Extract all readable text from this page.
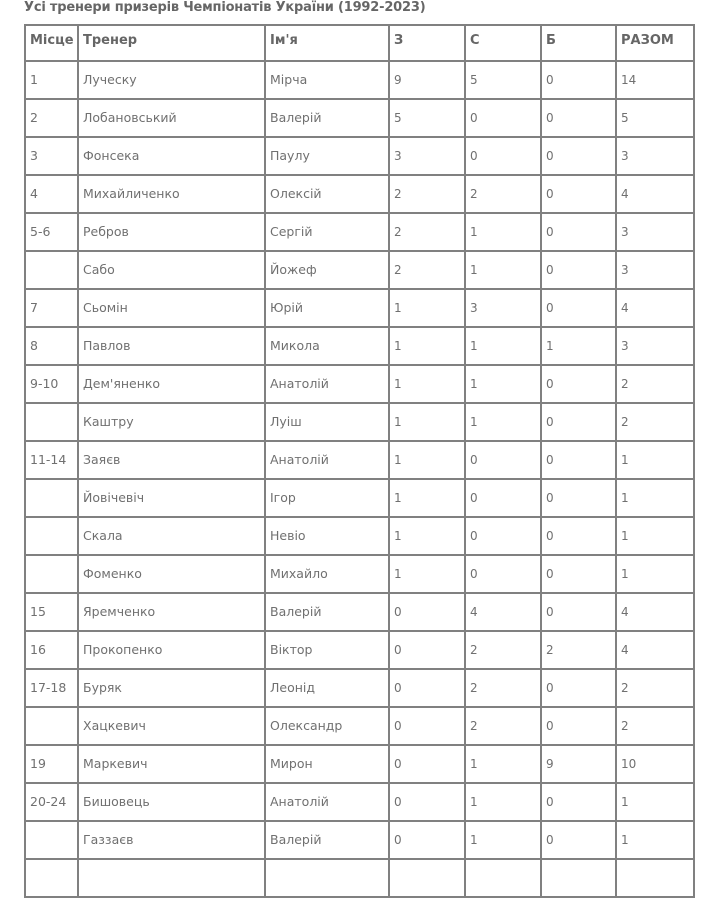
Усі тренери призерів Чемпіонатів України (1992-2023)
Місце	Тренер	Ім'я	З	С	Б	РАЗОМ
1	Луческу	Мірча	9	5	0	14
2	Лобановський	Валерій	5	0	0	5
3	Фонсека	Паулу	3	0	0	3
4	Михайличенко	Олексій	2	2	0	4
5-6	Ребров	Сергій	2	1	0	3
	Сабо	Йожеф	2	1	0	3
7	Сьомін	Юрій	1	3	0	4
8	Павлов	Микола	1	1	1	3
9-10	Дем'яненко	Анатолій	1	1	0	2
	Каштру	Луіш	1	1	0	2
11-14	Заяєв	Анатолій	1	0	0	1
	Йовічевіч	Ігор	1	0	0	1
	Скала	Невіо	1	0	0	1
	Фоменко	Михайло	1	0	0	1
15	Яремченко	Валерій	0	4	0	4
16	Прокопенко	Віктор	0	2	2	4
17-18	Буряк	Леонід	0	2	0	2
	Хацкевич	Олександр	0	2	0	2
19	Маркевич	Мирон	0	1	9	10
20-24	Бишовець	Анатолій	0	1	0	1
	Газзаєв	Валерій	0	1	0	1
